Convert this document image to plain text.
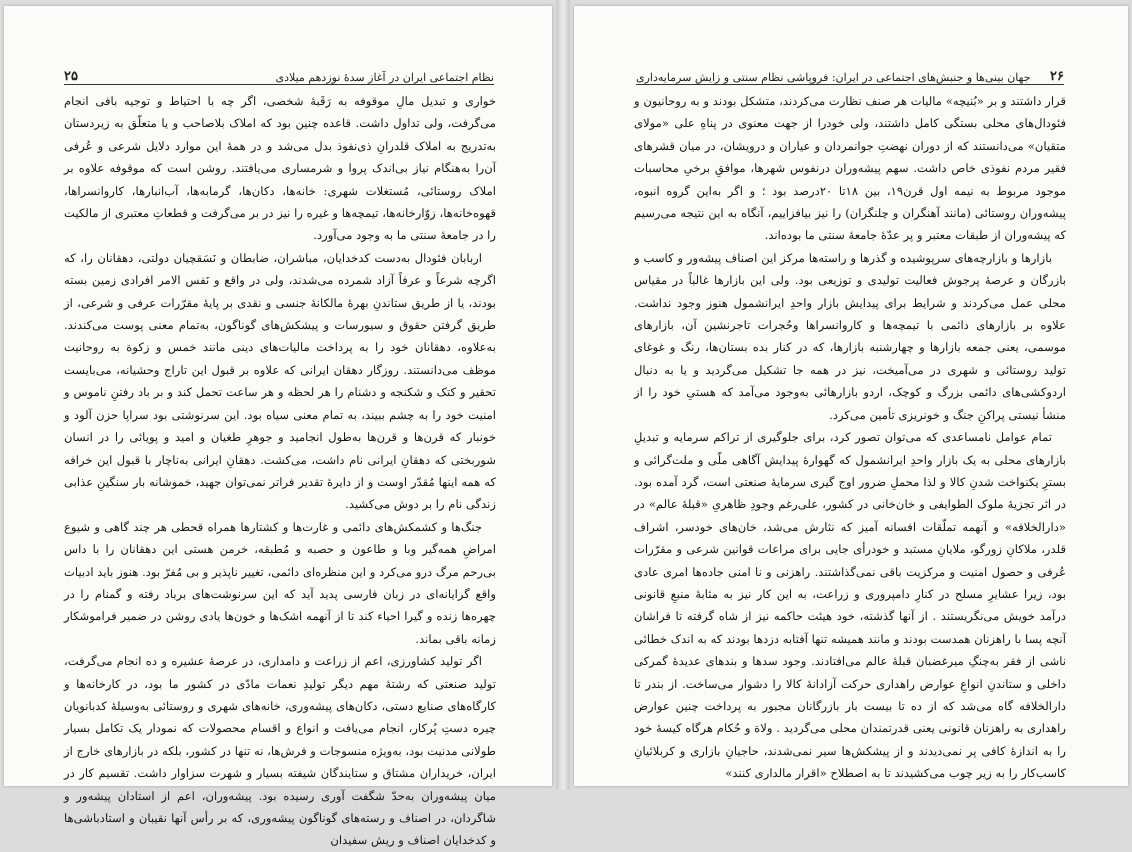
نظام اجتماعی ایران در آغاز سدهٔ نوزدهم میلادی
۲۵

خواری و تبدیل مالِ موقوفه به رَقَبهٔ شخصی، اگر چه با احتیاط و توجیه بافی انجام می‌گرفت، ولی تداول داشت. قاعده چنین بود که املاک بلاصاحب و یا متعلّق به زیردستان به‌تدریج به املاک قلدرانِ ذی‌نفوذ بدل می‌شد و در همهٔ این موارد دلایل شرعی و عُرفی آن‌را به‌هنگام نیاز بی‌اندک پروا و شرمساری می‌یافتند. روشن است که موقوفه علاوه بر املاک روستائی، مُستغلات شهری: خانه‌ها، دکان‌ها، گرمابه‌ها، آب‌انبارها، کاروانسراها، قهوه‌خانه‌ها، زوّارخانه‌ها، تیمچه‌ها و غیره را نیز در بر می‌گرفت و قطعاتِ معتبری از مالکیت را در جامعهٔ سنتی ما به وجود می‌آورد.

اربابان فئودال به‌دست کدخدایان، مباشران، ضابطان و نَسَقچیان دولتی، دهقانان را، که اگرچه شرعاً و عرفاً آزاد شمرده می‌شدند، ولی در واقع و نَفس الامر افرادی زمین بسته بودند، یا از طریق ستاندنِ بهرهٔ مالکانهٔ جنسی و نقدی بر پایهٔ مقرّرات عرفی و شرعی، از طریق گرفتن حقوق و سیورسات و پیشکش‌های گوناگون، به‌تمام معنی پوست می‌کندند. به‌علاوه، دهقانان خود را به پرداخت مالیات‌های دینی مانند خمس و زکوة به روحانیت موظف می‌دانستند. روزگار دهقان ایرانی که علاوه بر قبول این تاراج وحشیانه، می‌بایست تحقیر و کتک و شکنجه و دشنام را هر لحظه و هر ساعت تحمل کند و بر باد رفتنِ ناموس و امنیت خود را به چشم ببیند، به تمام معنی سیاه بود. این سرنوشتی بود سراپا حزن آلود و خونبار که قرن‌ها و قرن‌ها به‌طول انجامید و جوهرِ طغیان و امید و پویائی را در انسان شوربختی که دهقانِ ایرانی نام داشت، می‌کشت. دهقانِ ایرانی به‌ناچار با قبول این خرافه که همه اینها مُقدّر اوست و از دایرهٔ تقدیر فراتر نمی‌توان جهید، خموشانه بار سنگینِ عذابی زندگی نام را بر دوش می‌کشید.

جنگ‌ها و کشمکش‌های دائمی و غارت‌ها و کشتارها همراه قحطی هر چند گاهی و شیوع امراضِ همه‌گیر وبا و طاعون و حصبه و مُطبقه، خرمن هستی این دهقانان را با داس بی‌رحم مرگ درو می‌کرد و این منظره‌ای دائمی، تغییر ناپذیر و بی مُفرّ بود. هنوز باید ادبیات واقع گرایانه‌ای در زبان فارسی پدید آید که این سرنوشت‌های برباد رفته و گمنام را در چهره‌ها زنده و گیرا احیاء کند تا از آنهمه اشک‌ها و خون‌ها یادی روشن در ضمیر فراموشکار زمانه باقی بماند.

اگر تولید کشاورزی، اعم از زراعت و دامداری، در عرصهٔ عشیره و ده انجام می‌گرفت، تولید صنعتی که رشتهٔ مهم دیگر تولیدِ نعمات مادّی در کشور ما بود، در کارخانه‌ها و کارگاه‌های صنایع دستی، دکان‌های پیشه‌وری، خانه‌های شهری و روستائی به‌وسیلهٔ کدبانویان چیره دستِ پُرکار، انجام می‌یافت و انواع و اقسام محصولات که نمودار یک تکامل بسیار طولانی مدنیت بود، به‌ویژه منسوجات و فرش‌ها، نه تنها در کشور، بلکه در بازارهای خارج از ایران، خریداران مشتاق و ستایندگان شیفته بسیار و شهرت سزاوار داشت. تقسیم کار در میان پیشه‌وران به‌حدّ شگفت آوری رسیده بود. پیشه‌وران، اعم از استادان پیشه‌ور و شاگردان، در اصناف و رسته‌های گوناگون پیشه‌وری، که بر رأس آنها نقیبان و استادباشی‌ها و کدخدایان اصناف و ریش سفیدان

۲۶
جهان بینی‌ها و جنبش‌های اجتماعی در ایران: فروپاشی نظام سنتی و زایش سرمایه‌داری

قرار داشتند و بر «بُنیچه» مالیات هر صنف نظارت می‌کردند، متشکل بودند و به روحانیون و فئودال‌های محلی بستگی کامل داشتند، ولی خودرا از جهت معنوی در پناهِ علی «مولای متقیان» می‌دانستند که از دوران نهضتِ جوانمردان و عیاران و درویشان، در میان قشرهای فقیر مردم نفوذی خاص داشت. سهم پیشه‌وران درنفوس شهرها، موافقِ برخیِ محاسبات موجود مربوط به نیمه اول قرن۱۹، بین ۱۸تا ۲۰درصد بود ؛ و اگر به‌این گروه انبوه، پیشه‌وران روستائی (مانند آهنگران و چلنگران) را نیز بیافزاییم، آنگاه به این نتیجه می‌رسیم که پیشه‌وران از طبقات معتبر و پر عدّهٔ جامعهٔ سنتی ما بوده‌اند.

بازارها و بازارچه‌های سرپوشیده و گذرها و راسته‌ها مرکز این اصناف پیشه‌ور و کاسب و بازرگان و عرصهٔ پرجوش فعالیت تولیدی و توزیعی بود. ولی این بازارها غالباً در مقیاس محلی عمل می‌کردند و شرایط برای پیدایش بازار واحدِ ایرانشمول هنوز وجود نداشت. علاوه بر بازارهای دائمی با تیمچه‌ها و کاروانسراها وحُجرات تاجرنشین آن، بازارهای موسمی، یعنی جمعه بازارها و چهارشنبه بازارها، که در کنار بده بستان‌ها، رنگ و غوغای تولید روستائی و شهری در می‌آمیخت، نیز در همه جا تشکیل می‌گردید و یا به دنبال اردوکشی‌های دائمی بزرگ و کوچک، اردو بازارهائی به‌وجود می‌آمد که هستیِ خود را از منشأ نیستی پراکنِ جنگ و خونریزی تأمین می‌کرد.

تمام عوامل نامساعدی که می‌توان تصور کرد، برای جلوگیری از تراکم سرمایه و تبدیلِ بازارهای محلی به یک بازار واحدِ ایرانشمول که گهوارهٔ پیدایش آگاهی ملّی و ملت‌گرائی و بسترِ یکنواخت شدنِ کالا و لذا محملِ ضرور اوج گیری سرمایهٔ صنعتی است، گرد آمده بود. در اثر تجزیهٔ ملوک الطوایفی و خان‌خانی در کشور، علی‌رغم وجودِ ظاهریِ «قبلهٔ عالم» در «دارالخلافه» و آنهمه تملّقات افسانه آمیز که نثارش می‌شد، خان‌های خودسر، اشراف قلدر، ملاکانِ زورگو، ملایانِ مستبد و خودرأی جایی برای مراعات قوانین شرعی و مقرّرات عُرفی و حصول امنیت و مرکزیت باقی نمی‌گذاشتند. راهزنی و نا امنی جاده‌ها امری عادی بود، زیرا عشایرِ مسلح در کنارِ دامپروری و زراعت، به این کار نیز به مثابهٔ منبعِ قانونی درآمد خویش می‌نگریستند . از آنها گذشته، خود هیئت حاکمه نیز از شاه گرفته تا فراشان آنچه پسا با راهزنان همدست بودند و مانند همیشه تنها آفتابه دزدها بودند که به اندک خطائی ناشی از فقر به‌چنگِ میرغضبان قبلهٔ عالم می‌افتادند. وجود سدها و بندهای عدیدهٔ گمرکی داخلی و ستاندنِ انواعِ عوارض راهداری حرکت آزادانهٔ کالا را دشوار می‌ساخت. از بندر تا دارالخلافه گاه می‌شد که از ده تا بیست بار بازرگانان مجبور به پرداخت چنین عوارض راهداری به راهزنان قانونی یعنی قدرتمندان محلی می‌گردید . ولاة و حُکام هرگاه کیسهٔ خود را به اندازهٔ کافی پر نمی‌دیدند و از پیشکش‌ها سیر نمی‌شدند، حاجیانِ بازاری و کربلائیانِ کاسب‌کار را به زیر چوب می‌کشیدند تا به اصطلاح «اقرار مالداری کنند»
